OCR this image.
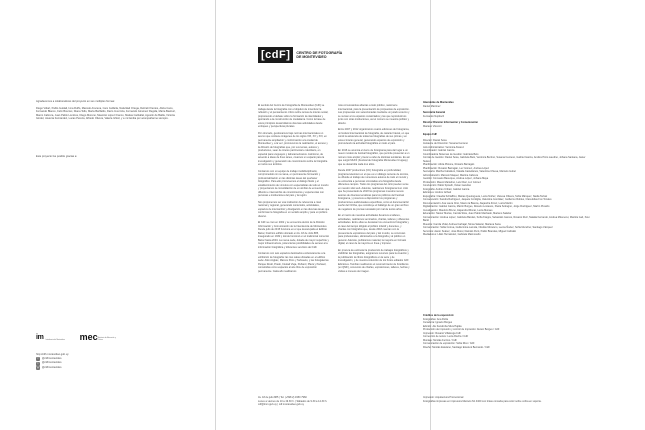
Agradecemos a colaboradores del proyecto en sus múltiples formas:

Diego Vidart, Pablo Guidali, Ivna Ruffo, Marcelo Arocena, Cam Gulfarla, Natividad Ortega, Debrah Klentos, Alicia Cano, Fernando Blanco, Felix Bourcet, Diana Tello, Marta Berlfaldo, Darío Inverniza, Fernando Giménez Regida, Marta Beeburi, Marco Cabrera, Juan Pablo Lomizes, Diego Moreno, Mauricio López Franco, Matías Carballal, Agustín de Batlla, Victoria Gindel, Javierta Fernández, Lucas Pereira, Alfredo Olivera, Valeria Ghisil, y a mi familia por acompañarme siempre.

Este proyecto fue posible gracias a:

im Intendencia de Montevideo	mec Ministerio de Educación y Cultura
http://cdf.montevideo.gub.uy
f	@cdfmontevideo
t	@cdfmontevideo
◎	@cdfmontevideo
[cdF]	CENTRO DE FOTOGRAFÍA DE MONTEVIDEO

El sentido del Centro de Fotografía de Montevideo (CdF) se trabaja desde la fotografía con el objetivo de incentivar la reflexión y el pensamiento crítico sobre temas de interés social, proponiendo el debate sobre la formación de identidades y aportando a la construcción de ciudadanía. Como la base de estos principios desarrollamos diversas actividades desde enfoques y perspectivas plurales.

Por otra lado, gestionamos bajo normas internacionales un acervo que contiene imágenes de los siglos XIX, XX y XXI, en permanente ampliación y conformación a la ciudad de Montevideo y, a la vez, promovemos la realización, el acceso y la difusión de fotografías que, por sus temas, autores y productores, sean de interés patrimonial e identitario, en especial para uruguayos y latinoamericanos. Asimismo, de acuerdo a ideas de fines tanes, creamos un espacio para la investigación y generación de conocimiento sobre la fotografía en todos sus ámbitos.

Contamos con un equipo de trabajo multidisciplinario, comprometido con su tarea, en permanente formación y profesionalización en las distintas áreas del quehacer fotográfico. Para ello promovemos el diálogo fluido y el establecimiento de vínculos con especialistas de todo el mundo y proyectamos la consolidación de un ámbito de encuentro, difusión e intercambio de conocimientos y experiencias con personas e instituciones del país y la región.

Nos proponemos ser una institución de referencia a nivel nacional y regional, generando contenidos, actividades, espacios de intercambio y divulgación en las diversas áreas que conforman la fotografía en un sentido amplio y para un público diverso.

El CdF se creó en 2002 y se encuentra dentro de la División Información y Comunicación de la Intendencia de Montevideo. Desde julio de 2015 funciona en el que desocupaba el Edificio Bazar, histórico edificio ubicado en Av. 18 de Julio 885, inaugurado en 1932 y donde funcionó en el tradicional comercio Bazar hasta 2004. La nueva sede, dotada de mayor superficie y mejor infraestructura, potencia las posibilidades de acceso a la información fotográfica y diferentes servicios del CdF.

Contamos con seis espacios destinados exclusivamente a la exhibición de fotografía: las tres salas ubicadas en el edificio sede: Aldo Anglaix, Marcos Pons y Subsuelo, y las Fotogalerías Parque Rodó, Prado, Ciudad Vieja, Peñarol, Plaza y Perlasol, concebidas como espacios al aire libre de exposición permanente. Cada año realizamos

más convocatorias abiertas a todo público, nacional e internacional, para la presentación de propuestas de exposición. Las propuestas son seleccionadas mediante un jurado externo y se suman a los espacios curatoriados y las que reproducimos junto con otras instituciones, así el número se muestra público y abierto.

Entre 2007 y 2012 organizamos cuatro ediciones de Fotograma, un festival internacional de fotografía, de carácter bienal, en que contó la asistencia de todas las fotografías de sus primas y en esta el interés general, generando espacios de exposición y promoviendo la actividad fotográfica en todo el país.

En 2016 se anuncia el cierre de Fotograma para dar lugar a un nuevo modelo de festival fotográfico, que permite presentar a un número más amplio y llevar a cabo de distintas temáticas. Es así que surgió MUFF (Festival de Fotografía Montevideo Uruguay) que se desarrolla cada tres años.

Desde 2007 producimos (CC) Fotografía en profundidad, programa televisivo en el que es un diálogo reciente de técnica, se difunde el trabajo de numerosos autores de todo el mundo y se entrevista a personas vinculadas a la fotografía desde diferentes campos. Todos los programas del ciclo pueden verse en nuestro sitio web. Además, realizamos Fotograma fest. ciclo que ha presentado de 2018 los programas muestra nuevos autores de diversas temáticas para los públicos del Festival Fotograma, y ponemos a disposición los programas y producciones audiovisuales específicas, como el documental El sueño del Orizba, que constituye el hallazgo de un gran archivo de negativos de prensa rescatado por mal de textos años.

En el marco de nuestras actividades llevamos a talleres, actividades, realizamos seminarios, charlas, talleres y diferentes actividades. Entre ellas se destacan los encuentros Fotografía y el caso del tiempo dirigido al público infantil y docentes, y charlas con fotógrafos que, desde 2018 cuentan con la presencia de expositores del país y del mundo, se concretan para profesionales, aficionados a la fotografía y al público en general. Además, publicamos material, la mayoría en formato digital, el caso de la mayoría en línea y impreso.

En procura de estimular la producción de trabajos fotográficos y visibilizar las fotografías, asignamos recursos para la creación y la publicación de libros fotográficos en la serie y de investigación, y de nuestra colección de los Fotos editados CdF Ediciones. También realizamos el reconocimiento de Fotoliteros (en QMF), convenios de charlas, exposiciones, talleres, fechas y visitas a museos de imagen.

Av. 18 de julio 885 | Tel. (+598 2) 1950 7960
Lunes a viernes de 10 a 19.30 h. | Sábados de 9.30 a 14.30 h.
cdf@imm.gub.uy | cdf.montevideo.gub.uy
Intendente de Montevideo
Daniel Martínez
Secretaria General
Fernando Nopitsch
Director División Información y Comunicación
Mariano Visconti
Equipo CdF
Director: Daniel Sosa
Asistente de Dirección: Susana Centeno
Jefe Administrativo: Verónica Alvarez
Coordinador: Gabriel García
Coordinadora Sistemas de Gestión: Gabriela Belo
Comité de Gestión: Daniel Sosa, Gabriela Belo, Verónica Berrino, Susana Centeno, Gabriel García, Andrés Pinto Laudino, Johana Santana, Javier Suárez
Planificación: Alicia Pistone, Rosario Barragán
Planificación: Rosario Barragán, Luz Gómez, Andrea López
Secretaría: Martha Caballero, Natalia Castellanos, Valentina Chiesa, Marcelo Gubel
Administración: Marcelo Maquel, Martina Cabrera
Gestión: Consuelo Basurque, Andrea López, Johana Maya
Producción: Mauro Martelino, Luis Díaz, Luz Gómez
Conducción: Pablo Spinelli, Vivian Gandino
Fotografía: Andrés Cribari, Gabriel García
Ediciones: Andrés Gribari
Espografía: Claudia Schiaffino, Matías Queiroguera, Lucía Núñez, Vanesa Olivera, Sofía Márquez, Nadia Terkiel
Conservación: Sandra Rodríguez, Jaquele Cordiglia, Valentina González, Guillermo Robles, Clara Elías Fox Tondeo
Documentación: Ana Laura Cirio, Mauro la Bianca, Alejandra Ibírez, Lucía Martín
Digitalización: Gabriel García, Martín Borges, Rosario Lostanos, Paola Sotragno, Jorge Rodríguez, Martín Picardo
Investigación: Mauricio Bruno, Alejandra Wisnar, Lucía Moraes
Educación: Néstor Murias, Camila Silva, Juan Pablo Machado, Mariano Salazar
Comunicación: Andrea López, Gabriela Bardan, Sofía Kwigra, Sebastián Garcés, Rosario Ruiz, Natalia Ferrando, Andrea Mirenesvi, Maritza Geli, Xavi Bardi
Muestra: Camila Vidal, Andrea Carbajal, Ninoa Salazar, Mariana Sana
Comunicación: Sofia Correa, Guillermina Lamola, Nicolás Morelero, Leona Ñodez, Sofía Mencher, Santiago Vázquez
Servicios: Aaron Suárez, José Morel, Damián Peró, Pablo Brandao, Miguel Carballo
Mediadores: Lilián Hernández, Gabriela Maimonello
Créditos de la exposición:
Fotografías: Ana Roña
Curaduría: Ignacio Borges
Edición: Ale Kandroba Silva Hajtka
Producción de impresión y control de impresión: Alvaro Borges / CdF
Impresión: Rosario Villalonga CdF
Corrección de textos: Lucía Rocha / CdF
Montaje: Nicolás Ferrino / CdF
Comunicación de exposición: Sofía Rico / CdF
Diseño: Nicolás Estelano, Santiago Estela & Bernardo / CdF
Impresión: Arquitectura Promocional
Fotografías impresas en impresora Marcelo NJ 4400 con tintas consulta para color sobre cobra en soporte.
